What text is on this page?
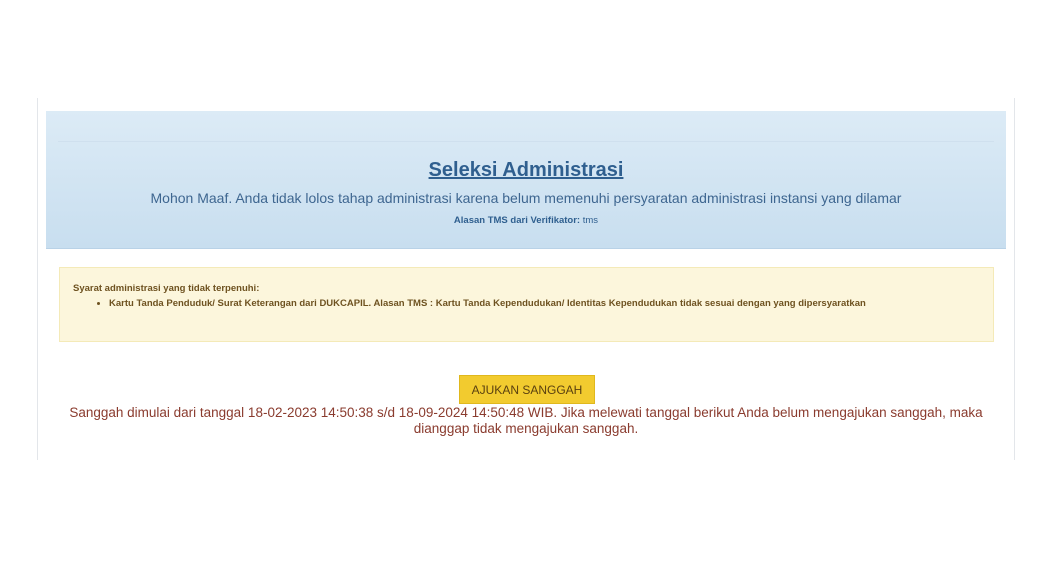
Seleksi Administrasi
Mohon Maaf. Anda tidak lolos tahap administrasi karena belum memenuhi persyaratan administrasi instansi yang dilamar
Alasan TMS dari Verifikator: tms
Syarat administrasi yang tidak terpenuhi:
• Kartu Tanda Penduduk/ Surat Keterangan dari DUKCAPIL. Alasan TMS : Kartu Tanda Kependudukan/ Identitas Kependudukan tidak sesuai dengan yang dipersyaratkan
AJUKAN SANGGAH
Sanggah dimulai dari tanggal 18-02-2023 14:50:38 s/d 18-09-2024 14:50:48 WIB. Jika melewati tanggal berikut Anda belum mengajukan sanggah, maka dianggap tidak mengajukan sanggah.
